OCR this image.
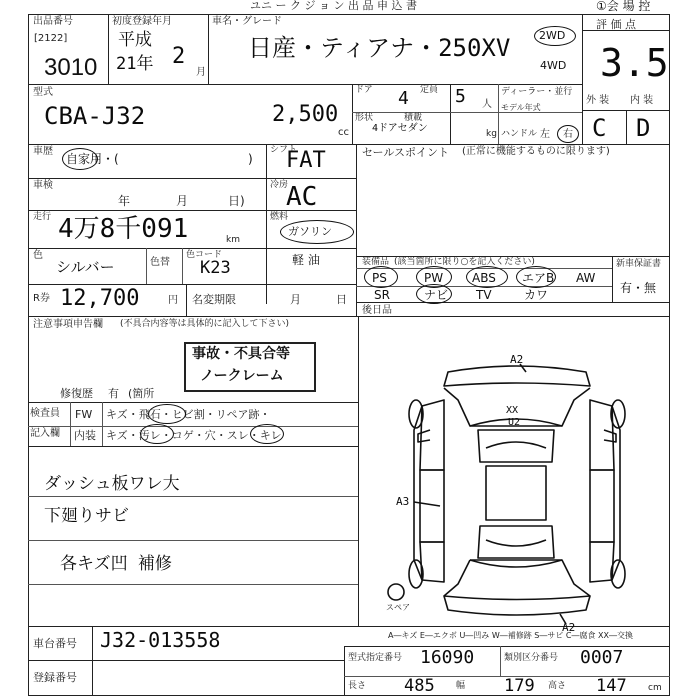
ユニ ー ク ジ ョ ン 出 品 申 込 書	①会 場 控
出品番号
[2122]
3010
初度登録年月
平成
21年 2
月
車名・グレード
日産・ティアナ・250XV	2WD
4WD
評 価 点
3.5
外 装 内 装
C D
型式
CBA-J32	2,500
cc
ドア 4 定員 5 人
形状
4ドアセダン
積載
kg
ディーラー・並行
モデル年式
ハンドル 左 右
車歴
自家用・(	)
シフト
FAT
車検
年	月	日)
冷房
AC
走行 4万8千091	km
燃料
ガソリン
軽 油
色
シルバー	色替
色コード
K23
R券 12,700	円 名変期限	月	日
セールスポイント (正常に機能するものに限ります)
装備品 (該当箇所に限り○を記入ください)	新車保証書
有・無
PS	PW ABS エアB AW
SR	ナビ TV	カワ
後日品
注意事項申告欄 (不具合内容等は具体的に記入して下さい)
事故・不具合等
ノークレーム
修復歴 有 (箇所
検査員
記入欄
FW キズ・飛石・ヒビ割・リペア跡・
内装 キズ・汚レ・コゲ・穴・スレ・キレ
ダッシュ板ワレ大
下廻りサビ
各キズ凹 補修
A2
XX
U2
A3
A2
スペア
A―キズ E―エクボ U―凹み W―補修跡 S―サビ C―腐食 XX―交換
車台番号 J32-013558
登録番号
型式指定番号 16090	類別区分番号 0007
長さ 485 幅 179 高さ 147 cm
